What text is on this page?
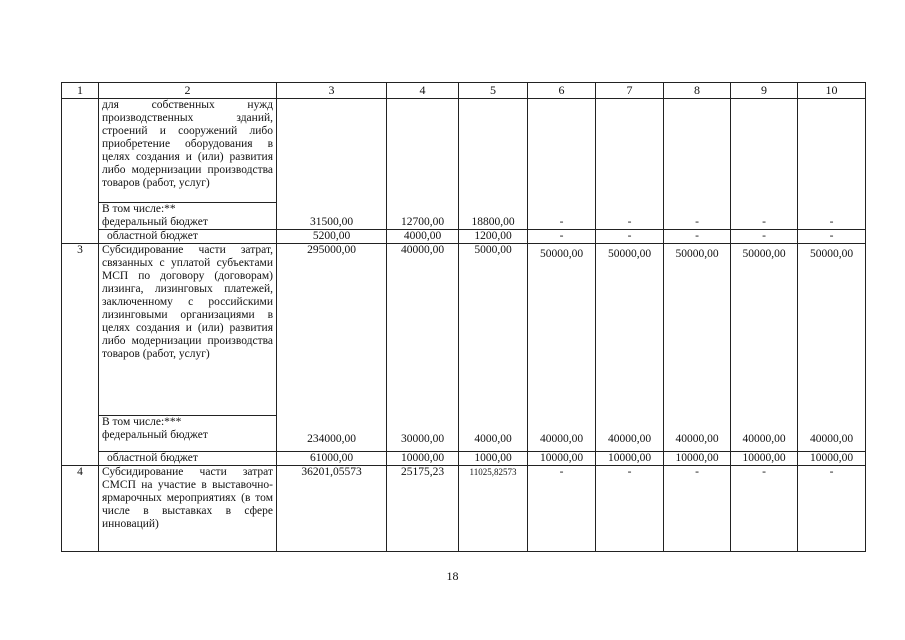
1	2	3	4	5	6	7	8	9	10
	для собственных нужд производственных зданий, строений и сооружений либо приобретение оборудования в целях создания и (или) развития либо модернизации производства товаров (работ, услуг)								
	В том числе:**								
	федеральный бюджет	31500,00	12700,00	18800,00	-	-	-	-	-
	областной бюджет	5200,00	4000,00	1200,00	-	-	-	-	-
3	Субсидирование части затрат, связанных с уплатой субъектами МСП по договору (договорам) лизинга, лизинговых платежей, заключенному с российскими лизинговыми организациями в целях создания и (или) развития либо модернизации производства товаров (работ, услуг)	295000,00	40000,00	5000,00	50000,00	50000,00	50000,00	50000,00	50000,00
	В том числе:***								
	федеральный бюджет	234000,00	30000,00	4000,00	40000,00	40000,00	40000,00	40000,00	40000,00
	областной бюджет	61000,00	10000,00	1000,00	10000,00	10000,00	10000,00	10000,00	10000,00
4	Субсидирование части затрат СМСП на участие в выставочно-ярмарочных мероприятиях (в том числе в выставках в сфере инноваций)	36201,05573	25175,23	11025,82573	-	-	-	-	-
18
